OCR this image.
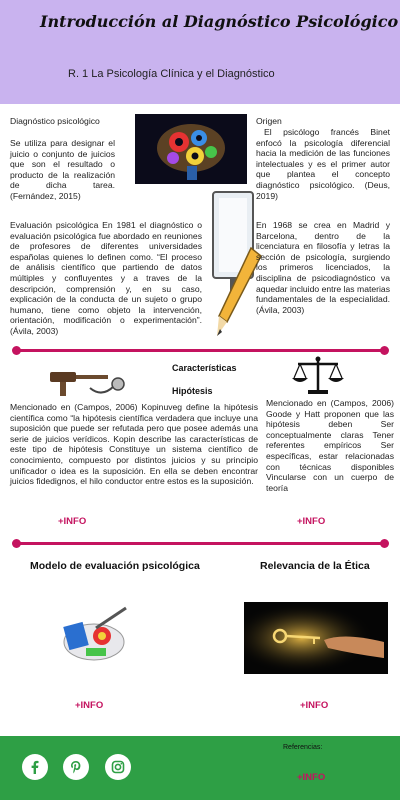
Introducción al Diagnóstico Psicológico
R. 1 La Psicología Clínica y el Diagnóstico
Diagnóstico psicológico
Se utiliza para designar el juicio o conjunto de juicios que son el resultado o producto de la realización de dicha tarea. (Fernández, 2015)
Evaluación psicológica En 1981 el diagnóstico o evaluación psicológica fue abordado en reuniones de profesores de diferentes universidades españolas quienes lo definen como. “El proceso de análisis científico que partiendo de datos múltiples y confluyentes y a traves de la descripción, comprensión y, en su caso, explicación de la conducta de un sujeto o grupo humano, tiene como objeto la intervención, orientación, modificación o experimentación”. (Ávila, 2003)
Origen
El psicólogo francés Binet enfocó la psicología diferencial hacia la medición de las funciones intelectuales y es el primer autor que plantea el concepto diagnóstico psicológico. (Deus, 2019)
En 1968 se crea en Madrid y Barcelona, dentro de la licenciatura en filosofía y letras la sección de psicología, surgiendo los primeros licenciados, la disciplina de psicodiagnóstico va aquedar incluido entre las materias fundamentales de la especialidad. (Ávila, 2003)
Características
Hipótesis
Mencionado en (Campos, 2006) Kopinuveg define la hipótesis científica como “la hipótesis científica verdadera que incluye una suposición que puede ser refutada pero que posee además una serie de juicios verídicos. Kopin describe las características de este tipo de hipótesis Constituye un sistema científico de conocimiento, compuesto por distintos juicios y su principio unificador o idea es la suposición. En ella se deben encontrar juicios fidedignos, el hilo conductor entre estos es la suposición.
Mencionado en (Campos, 2006) Goode y Hatt proponen que las hipótesis deben Ser conceptualmente claras Tener referentes empíricos Ser específicas, estar relacionadas con técnicas disponibles Vincularse con un cuerpo de teoría
+INFO	+INFO
Modelo de evaluación psicológica	Relevancia de la Ética
+INFO	+INFO
Referencias:
+INFO
